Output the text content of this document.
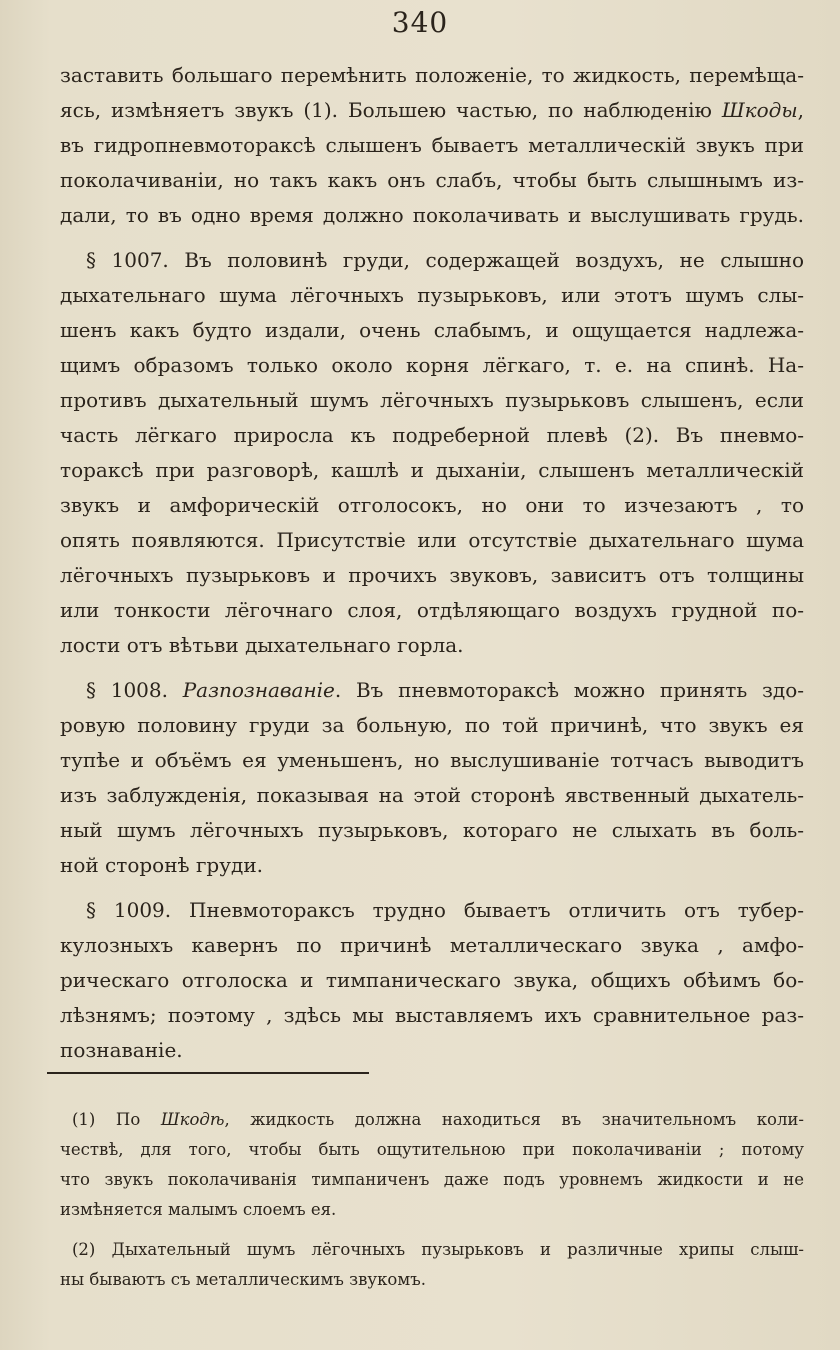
340
заставить большаго перемѣнить положеніе, то жидкость, перемѣща-
ясь, измѣняетъ звукъ (1). Большею частью, по наблюденію Шкоды,
въ гидропневмотораксѣ слышенъ бываетъ металлическій звукъ при
поколачиваніи, но такъ какъ онъ слабъ, чтобы быть слышнымъ из-
дали, то въ одно время должно поколачивать и выслушивать грудь.
§ 1007. Въ половинѣ груди, содержащей воздухъ, не слышно
дыхательнаго шума лёгочныхъ пузырьковъ, или этотъ шумъ слы-
шенъ какъ будто издали, очень слабымъ, и ощущается надлежа-
щимъ образомъ только около корня лёгкаго, т. е. на спинѣ. На-
противъ дыхательный шумъ лёгочныхъ пузырьковъ слышенъ, если
часть лёгкаго приросла къ подреберной плевѣ (2). Въ пневмо-
тораксѣ при разговорѣ, кашлѣ и дыханіи, слышенъ металлическій
звукъ и амфорическій отголосокъ, но они то изчезаютъ , то
опять появляются. Присутствіе или отсутствіе дыхательнаго шума
лёгочныхъ пузырьковъ и прочихъ звуковъ, зависитъ отъ толщины
или тонкости лёгочнаго слоя, отдѣляющаго воздухъ грудной по-
лости отъ вѣтьви дыхательнаго горла.
§ 1008. Разпознаваніе. Въ пневмотораксѣ можно принять здо-
ровую половину груди за больную, по той причинѣ, что звукъ ея
тупѣе и объёмъ ея уменьшенъ, но выслушиваніе тотчасъ выводитъ
изъ заблужденія, показывая на этой сторонѣ явственный дыхатель-
ный шумъ лёгочныхъ пузырьковъ, котораго не слыхать въ боль-
ной сторонѣ груди.
§ 1009. Пневмотораксъ трудно бываетъ отличить отъ тубер-
кулозныхъ кавернъ по причинѣ металлическаго звука , амфо-
рическаго отголоска и тимпаническаго звука, общихъ обѣимъ бо-
лѣзнямъ; поэтому , здѣсь мы выставляемъ ихъ сравнительное раз-
познаваніе.
(1) По Шкодѣ, жидкость должна находиться въ значительномъ коли-
чествѣ, для того, чтобы быть ощутительною при поколачиваніи ; потому
что звукъ поколачиванія тимпаниченъ даже подъ уровнемъ жидкости и не
измѣняется малымъ слоемъ ея.
(2) Дыхательный шумъ лёгочныхъ пузырьковъ и различные хрипы слыш-
ны бываютъ съ металлическимъ звукомъ.
